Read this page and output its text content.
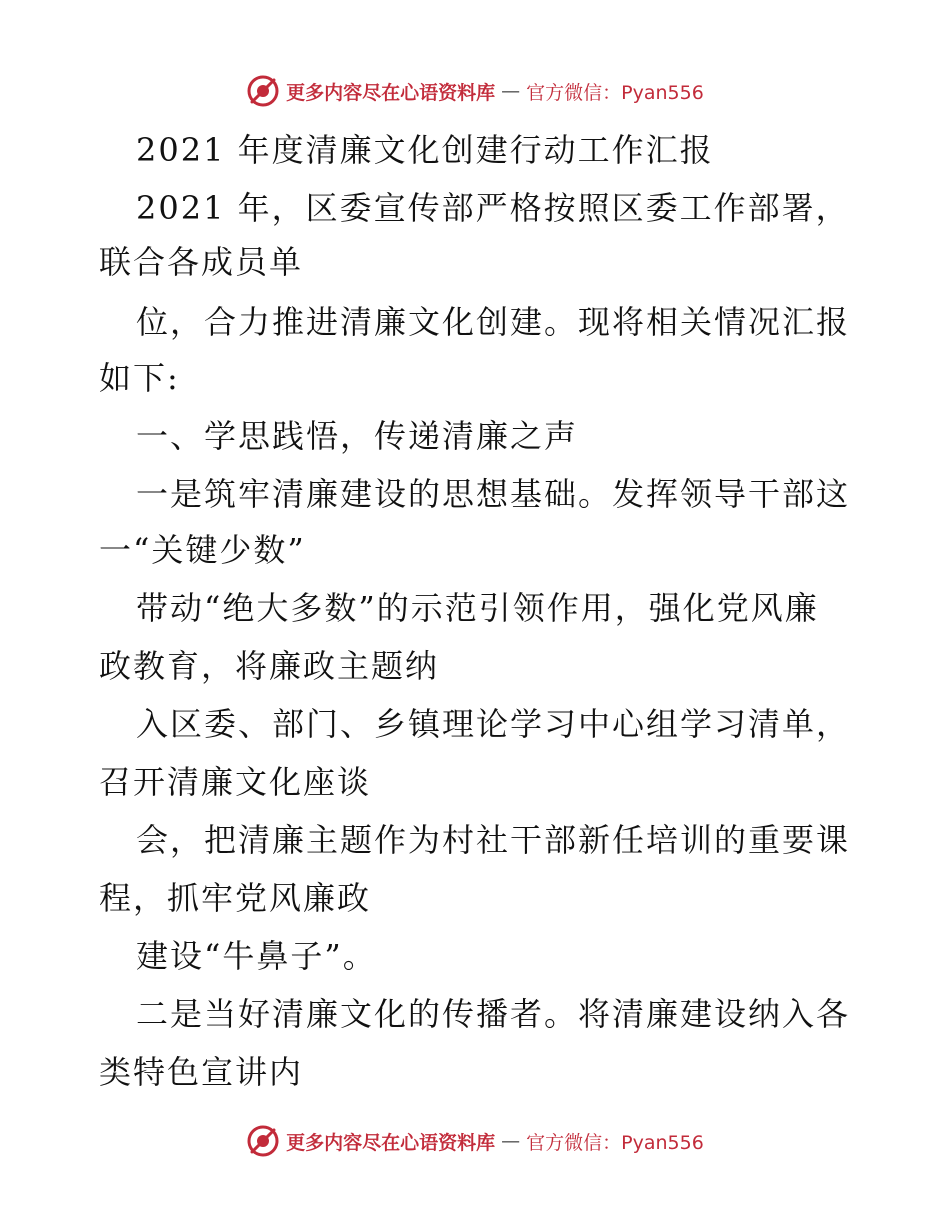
更多内容尽在心语资料库 — 官方微信：Pyan556
2021 年度清廉文化创建行动工作汇报
2021 年，区委宣传部严格按照区委工作部署，
联合各成员单
位，合力推进清廉文化创建。现将相关情况汇报
如下:
一、学思践悟，传递清廉之声
一是筑牢清廉建设的思想基础。发挥领导干部这
一“关键少数”
带动“绝大多数”的示范引领作用，强化党风廉
政教育，将廉政主题纳
入区委、部门、乡镇理论学习中心组学习清单，
召开清廉文化座谈
会，把清廉主题作为村社干部新任培训的重要课
程，抓牢党风廉政
建设“牛鼻子”。
二是当好清廉文化的传播者。将清廉建设纳入各
类特色宣讲内
更多内容尽在心语资料库 — 官方微信：Pyan556
